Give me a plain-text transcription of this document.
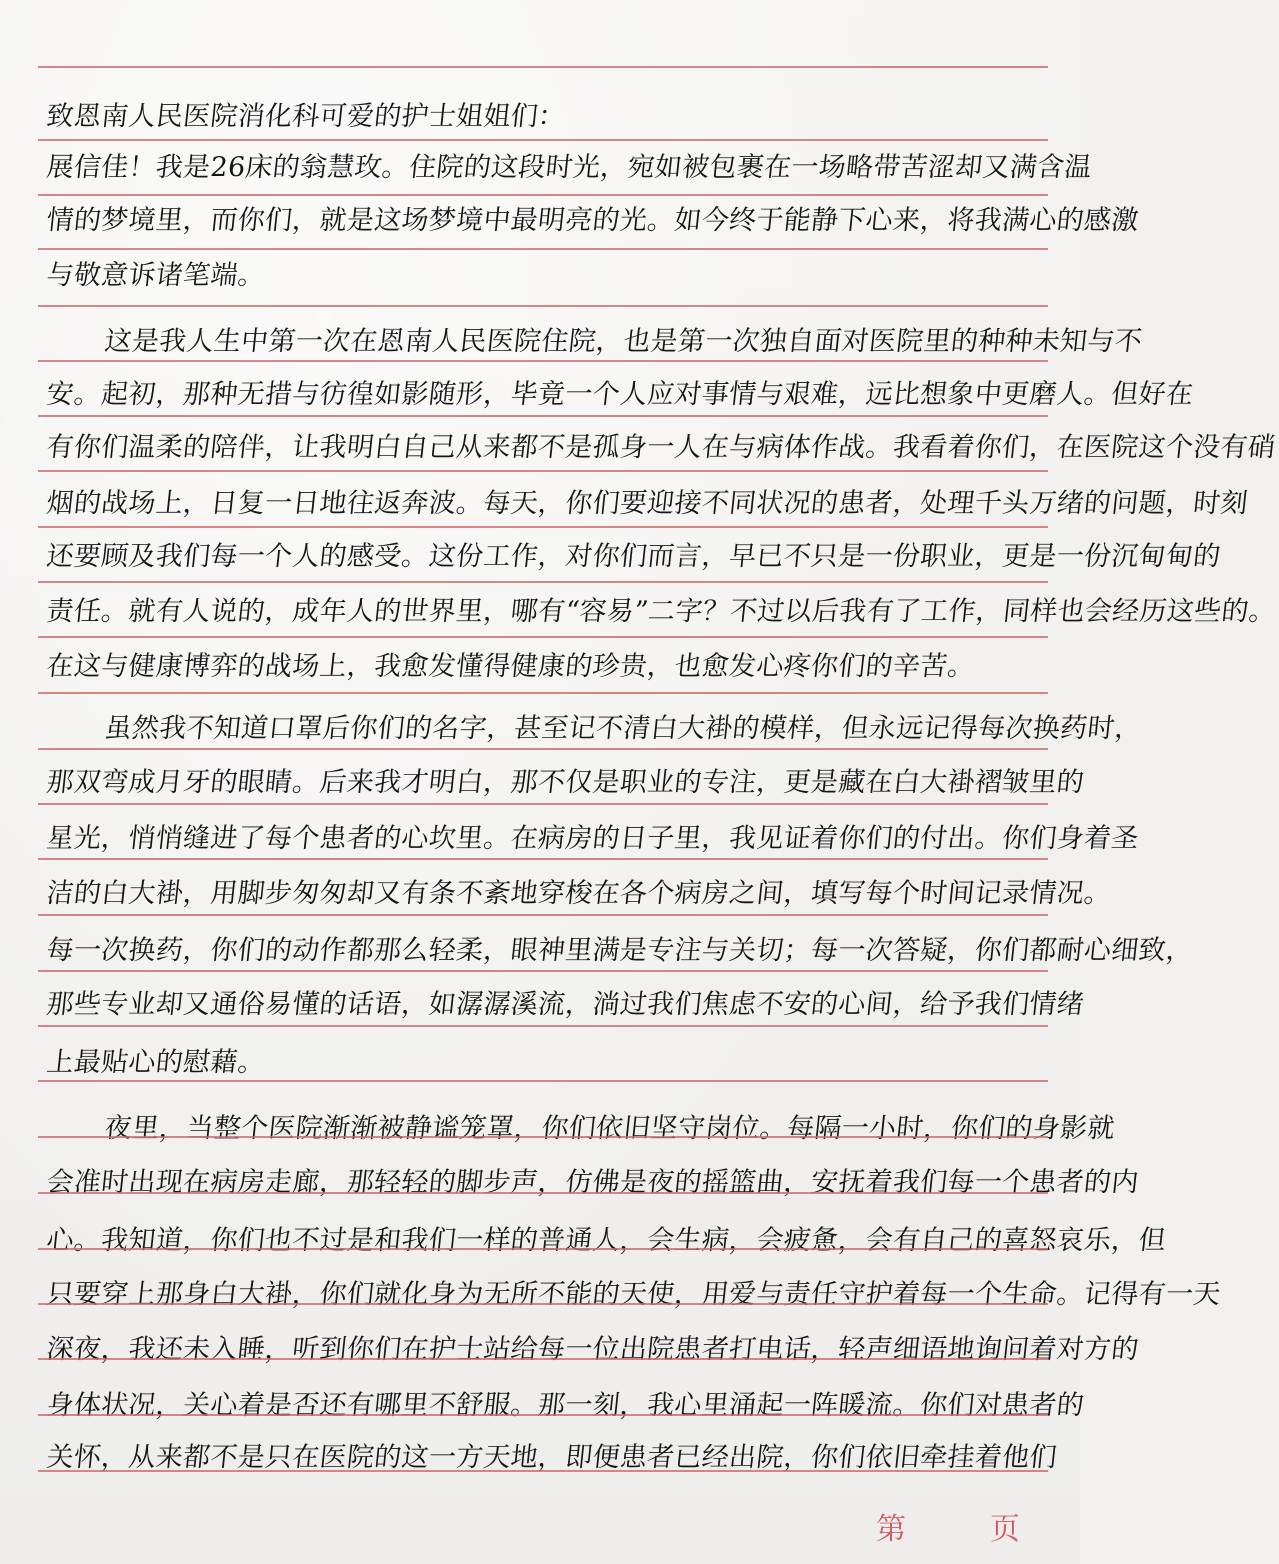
致恩南人民医院消化科可爱的护士姐姐们：
展信佳！我是26床的翁慧玫。住院的这段时光，宛如被包裹在一场略带苦涩却又满含温
情的梦境里，而你们，就是这场梦境中最明亮的光。如今终于能静下心来，将我满心的感激
与敬意诉诸笔端。
这是我人生中第一次在恩南人民医院住院，也是第一次独自面对医院里的种种未知与不
安。起初，那种无措与彷徨如影随形，毕竟一个人应对事情与艰难，远比想象中更磨人。但好在
有你们温柔的陪伴，让我明白自己从来都不是孤身一人在与病体作战。我看着你们，在医院这个没有硝
烟的战场上，日复一日地往返奔波。每天，你们要迎接不同状况的患者，处理千头万绪的问题，时刻
还要顾及我们每一个人的感受。这份工作，对你们而言，早已不只是一份职业，更是一份沉甸甸的
责任。就有人说的，成年人的世界里，哪有“容易”二字？不过以后我有了工作，同样也会经历这些的。
在这与健康博弈的战场上，我愈发懂得健康的珍贵，也愈发心疼你们的辛苦。
虽然我不知道口罩后你们的名字，甚至记不清白大褂的模样，但永远记得每次换药时，
那双弯成月牙的眼睛。后来我才明白，那不仅是职业的专注，更是藏在白大褂褶皱里的
星光，悄悄缝进了每个患者的心坎里。在病房的日子里，我见证着你们的付出。你们身着圣
洁的白大褂，用脚步匆匆却又有条不紊地穿梭在各个病房之间，填写每个时间记录情况。
每一次换药，你们的动作都那么轻柔，眼神里满是专注与关切；每一次答疑，你们都耐心细致，
那些专业却又通俗易懂的话语，如潺潺溪流，淌过我们焦虑不安的心间，给予我们情绪
上最贴心的慰藉。
夜里，当整个医院渐渐被静谧笼罩，你们依旧坚守岗位。每隔一小时，你们的身影就
会准时出现在病房走廊，那轻轻的脚步声，仿佛是夜的摇篮曲，安抚着我们每一个患者的内
心。我知道，你们也不过是和我们一样的普通人，会生病，会疲惫，会有自己的喜怒哀乐，但
只要穿上那身白大褂，你们就化身为无所不能的天使，用爱与责任守护着每一个生命。记得有一天
深夜，我还未入睡，听到你们在护士站给每一位出院患者打电话，轻声细语地询问着对方的
身体状况，关心着是否还有哪里不舒服。那一刻，我心里涌起一阵暖流。你们对患者的
关怀，从来都不是只在医院的这一方天地，即便患者已经出院，你们依旧牵挂着他们
第	页
